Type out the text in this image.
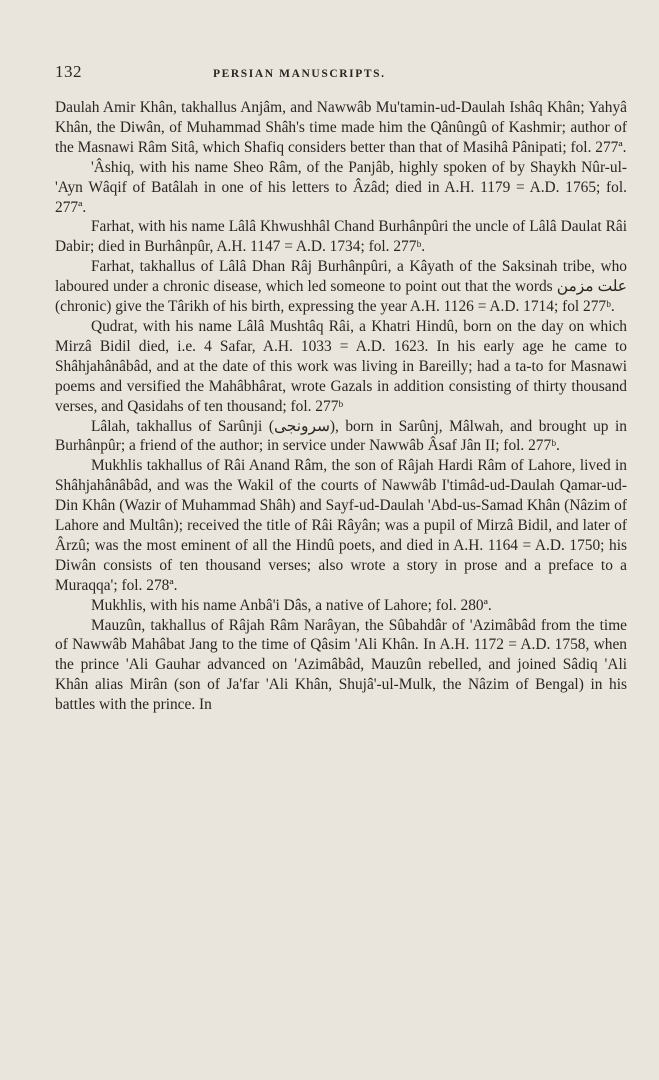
132	PERSIAN MANUSCRIPTS.

Daulah Amir Khân, takhallus Anjâm, and Nawwâb Mu'tamin-ud-Daulah Ishâq Khân; Yahyâ Khân, the Diwân, of Muhammad Shâh's time made him the Qânûngû of Kashmir; author of the Masnawi Râm Sitâ, which Shafiq considers better than that of Masihâ Pânipati; fol. 277ª.

'Âshiq, with his name Sheo Râm, of the Panjâb, highly spoken of by Shaykh Nûr-ul-'Ayn Wâqif of Batâlah in one of his letters to Âzâd; died in A.H. 1179 = A.D. 1765; fol. 277ª.

Farhat, with his name Lâlâ Khwushhâl Chand Burhânpûri the uncle of Lâlâ Daulat Râi Dabir; died in Burhânpûr, A.H. 1147 = A.D. 1734; fol. 277ᵇ.

Farhat, takhallus of Lâlâ Dhan Râj Burhânpûri, a Kâyath of the Saksinah tribe, who laboured under a chronic disease, which led someone to point out that the words علت مزمن (chronic) give the Târikh of his birth, expressing the year A.H. 1126 = A.D. 1714; fol 277ᵇ.

Qudrat, with his name Lâlâ Mushtâq Râi, a Khatri Hindû, born on the day on which Mirzâ Bidil died, i.e. 4 Safar, A.H. 1033 = A.D. 1623. In his early age he came to Shâhjahânâbâd, and at the date of this work was living in Bareilly; had a ta-to for Masnawi poems and versified the Mahâbhârat, wrote Gazals in addition consisting of thirty thousand verses, and Qasidahs of ten thousand; fol. 277ᵇ

Lâlah, takhallus of Sarûnji (سرونجی), born in Sarûnj, Mâlwah, and brought up in Burhânpûr; a friend of the author; in service under Nawwâb Âsaf Jân II; fol. 277ᵇ.

Mukhlis takhallus of Râi Anand Râm, the son of Râjah Hardi Râm of Lahore, lived in Shâhjahânâbâd, and was the Wakil of the courts of Nawwâb I'timâd-ud-Daulah Qamar-ud-Din Khân (Wazir of Muhammad Shâh) and Sayf-ud-Daulah 'Abd-us-Samad Khân (Nâzim of Lahore and Multân); received the title of Râi Râyân; was a pupil of Mirzâ Bidil, and later of Ârzû; was the most eminent of all the Hindû poets, and died in A.H. 1164 = A.D. 1750; his Diwân consists of ten thousand verses; also wrote a story in prose and a preface to a Muraqqa'; fol. 278ª.

Mukhlis, with his name Anbâ'i Dâs, a native of Lahore; fol. 280ª.

Mauzûn, takhallus of Râjah Râm Narâyan, the Sûbahdâr of 'Azimâbâd from the time of Nawwâb Mahâbat Jang to the time of Qâsim 'Ali Khân. In A.H. 1172 = A.D. 1758, when the prince 'Ali Gauhar advanced on 'Azimâbâd, Mauzûn rebelled, and joined Sâdiq 'Ali Khân alias Mirân (son of Ja'far 'Ali Khân, Shujâ'-ul-Mulk, the Nâzim of Bengal) in his battles with the prince. In
